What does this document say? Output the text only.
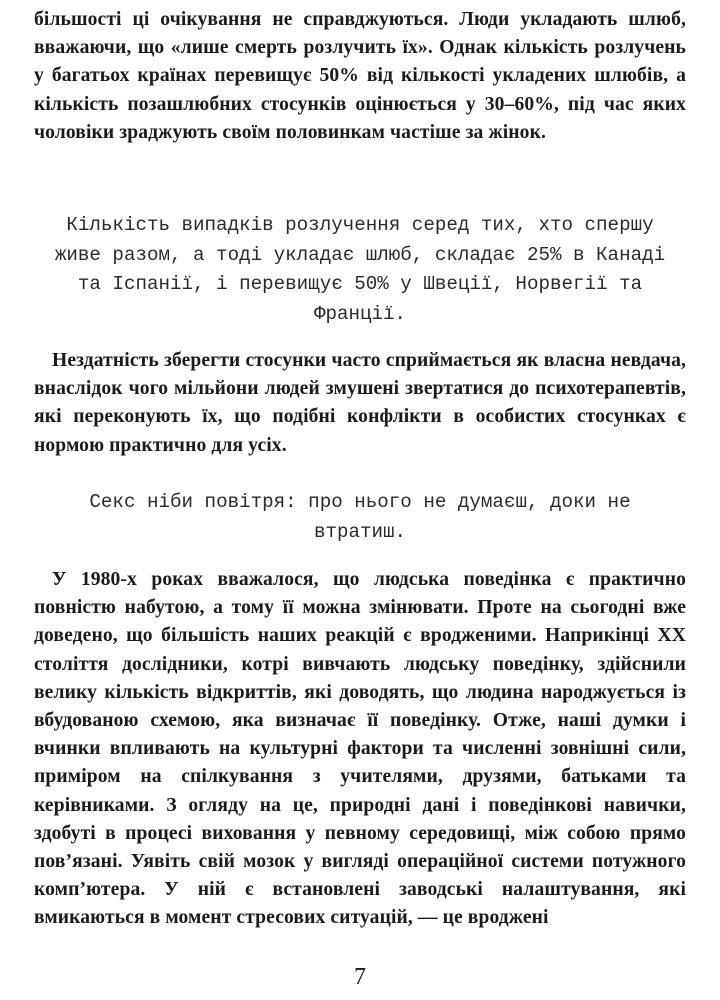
більшості ці очікування не справджуються. Люди укладають шлюб, вважаючи, що «лише смерть розлучить їх». Однак кількість розлучень у багатьох країнах перевищує 50% від кількості укладених шлюбів, а кількість позашлюбних стосунків оцінюється у 30–60%, під час яких чоловіки зраджують своїм половинкам частіше за жінок.

Кількість випадків розлучення серед тих, хто спершу живе разом, а тоді укладає шлюб, складає 25% в Канаді та Іспанії, і перевищує 50% у Швеції, Норвегії та Франції.

Нездатність зберегти стосунки часто сприймається як власна невдача, внаслідок чого мільйони людей змушені звертатися до психотерапевтів, які переконують їх, що подібні конфлікти в особистих стосунках є нормою практично для усіх.

Секс ніби повітря: про нього не думаєш, доки не втратиш.

У 1980-х роках вважалося, що людська поведінка є практично повністю набутою, а тому її можна змінювати. Проте на сьогодні вже доведено, що більшість наших реакцій є вродженими. Наприкінці XX століття дослідники, котрі вивчають людську поведінку, здійснили велику кількість відкриттів, які доводять, що людина народжується із вбудованою схемою, яка визначає її поведінку. Отже, наші думки і вчинки впливають на культурні фактори та численні зовнішні сили, приміром на спілкування з учителями, друзями, батьками та керівниками. З огляду на це, природні дані і поведінкові навички, здобуті в процесі виховання у певному середовищі, між собою прямо пов’язані. Уявіть свій мозок у вигляді операційної системи потужного комп’ютера. У ній є встановлені заводські налаштування, які вмикаються в момент стресових ситуацій, — це вроджені

7
